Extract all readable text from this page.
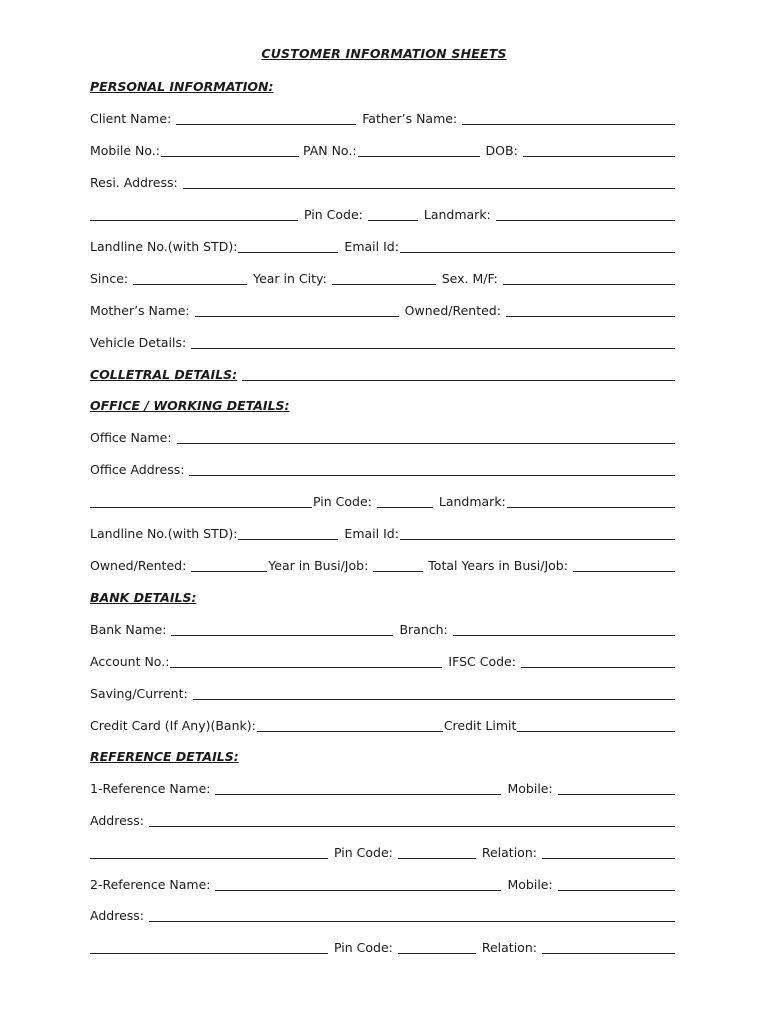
CUSTOMER INFORMATION SHEETS
PERSONAL INFORMATION:
Client Name:	Father’s Name:
Mobile No.:	PAN No.:	DOB:
Resi. Address:
Pin Code:	Landmark:
Landline No.(with STD):	Email Id:
Since:	Year in City:	Sex. M/F:
Mother’s Name:	Owned/Rented:
Vehicle Details:
COLLETRAL DETAILS:
OFFICE / WORKING DETAILS:
Office Name:
Office Address:
Pin Code:	Landmark:
Landline No.(with STD):	Email Id:
Owned/Rented:	Year in Busi/Job:	Total Years in Busi/Job:
BANK DETAILS:
Bank Name:	Branch:
Account No.:	IFSC Code:
Saving/Current:
Credit Card (If Any)(Bank):	Credit Limit
REFERENCE DETAILS:
1-Reference Name:	Mobile:
Address:
Pin Code:	Relation:
2-Reference Name:	Mobile:
Address:
Pin Code:	Relation:
